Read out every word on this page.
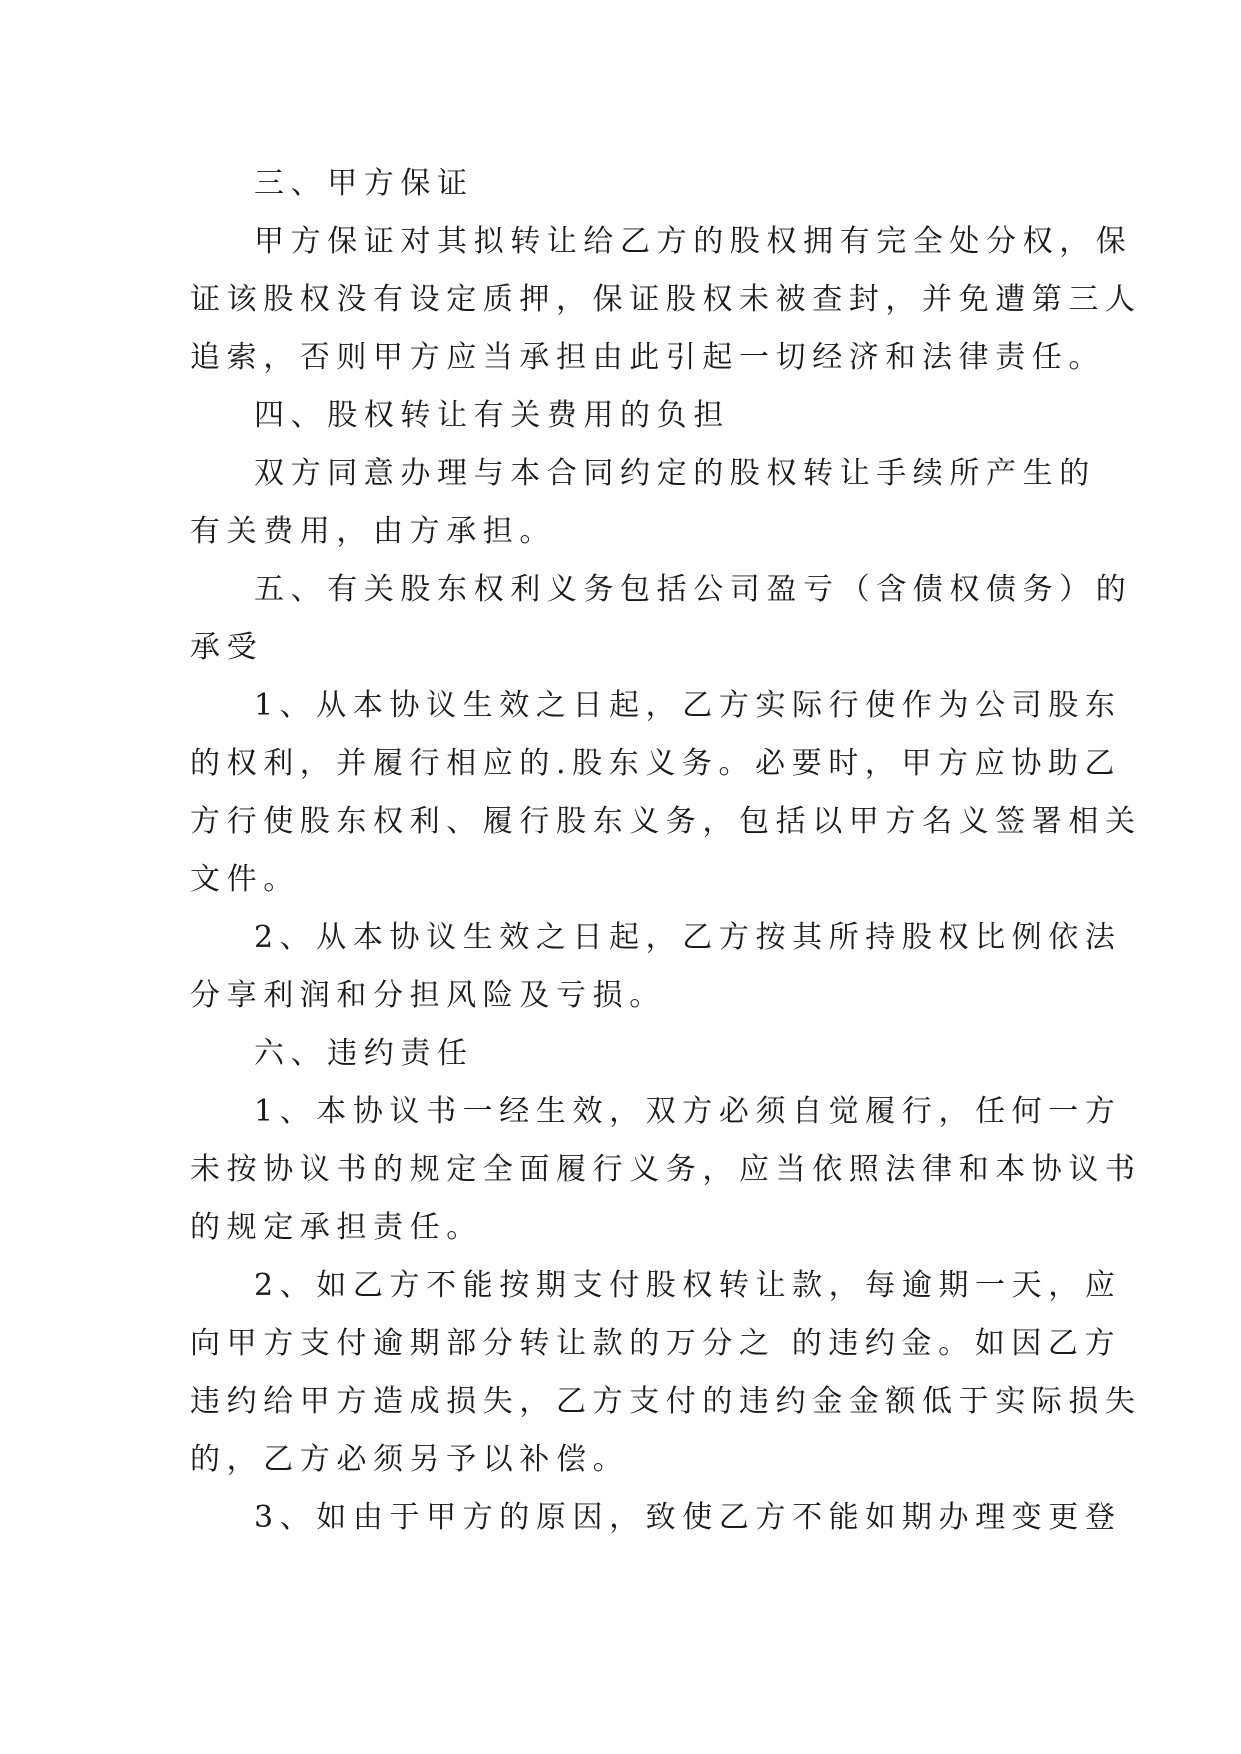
三、甲方保证
甲方保证对其拟转让给乙方的股权拥有完全处分权，保
证该股权没有设定质押，保证股权未被查封，并免遭第三人
追索，否则甲方应当承担由此引起一切经济和法律责任。
四、股权转让有关费用的负担
双方同意办理与本合同约定的股权转让手续所产生的
有关费用，由方承担。
五、有关股东权利义务包括公司盈亏（含债权债务）的
承受
1、从本协议生效之日起，乙方实际行使作为公司股东
的权利，并履行相应的.股东义务。必要时，甲方应协助乙
方行使股东权利、履行股东义务，包括以甲方名义签署相关
文件。
2、从本协议生效之日起，乙方按其所持股权比例依法
分享利润和分担风险及亏损。
六、违约责任
1、本协议书一经生效，双方必须自觉履行，任何一方
未按协议书的规定全面履行义务，应当依照法律和本协议书
的规定承担责任。
2、如乙方不能按期支付股权转让款，每逾期一天，应
向甲方支付逾期部分转让款的万分之 的违约金。如因乙方
违约给甲方造成损失，乙方支付的违约金金额低于实际损失
的，乙方必须另予以补偿。
3、如由于甲方的原因，致使乙方不能如期办理变更登
